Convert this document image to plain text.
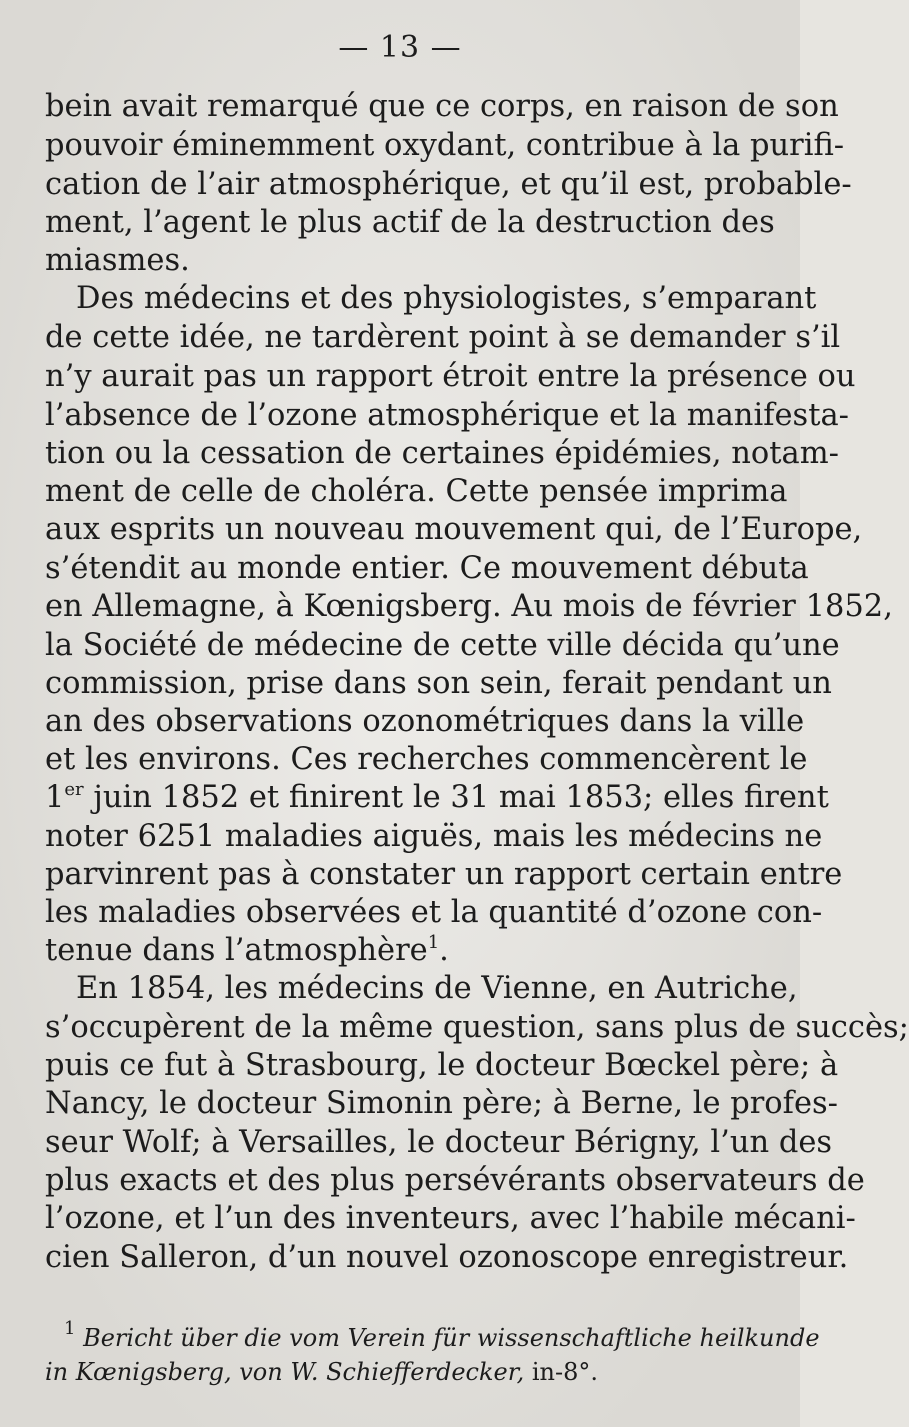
— 13 —
bein avait remarqué que ce corps, en raison de son
pouvoir éminemment oxydant, contribue à la purifi-
cation de l’air atmosphérique, et qu’il est, probable-
ment, l’agent le plus actif de la destruction des
miasmes.
Des médecins et des physiologistes, s’emparant
de cette idée, ne tardèrent point à se demander s’il
n’y aurait pas un rapport étroit entre la présence ou
l’absence de l’ozone atmosphérique et la manifesta-
tion ou la cessation de certaines épidémies, notam-
ment de celle de choléra. Cette pensée imprima
aux esprits un nouveau mouvement qui, de l’Europe,
s’étendit au monde entier. Ce mouvement débuta
en Allemagne, à Kœnigsberg. Au mois de février 1852,
la Société de médecine de cette ville décida qu’une
commission, prise dans son sein, ferait pendant un
an des observations ozonométriques dans la ville
et les environs. Ces recherches commencèrent le
1er juin 1852 et finirent le 31 mai 1853; elles firent
noter 6251 maladies aiguës, mais les médecins ne
parvinrent pas à constater un rapport certain entre
les maladies observées et la quantité d’ozone con-
tenue dans l’atmosphère$^1$.
En 1854, les médecins de Vienne, en Autriche,
s’occupèrent de la même question, sans plus de succès;
puis ce fut à Strasbourg, le docteur Bœckel père; à
Nancy, le docteur Simonin père; à Berne, le profes-
seur Wolf; à Versailles, le docteur Bérigny, l’un des
plus exacts et des plus persévérants observateurs de
l’ozone, et l’un des inventeurs, avec l’habile mécani-
cien Salleron, d’un nouvel ozonoscope enregistreur.
$^1$ Bericht über die vom Verein für wissenschaftliche heilkunde
in Kœnigsberg, von W. Schiefferdecker, in-8°.
